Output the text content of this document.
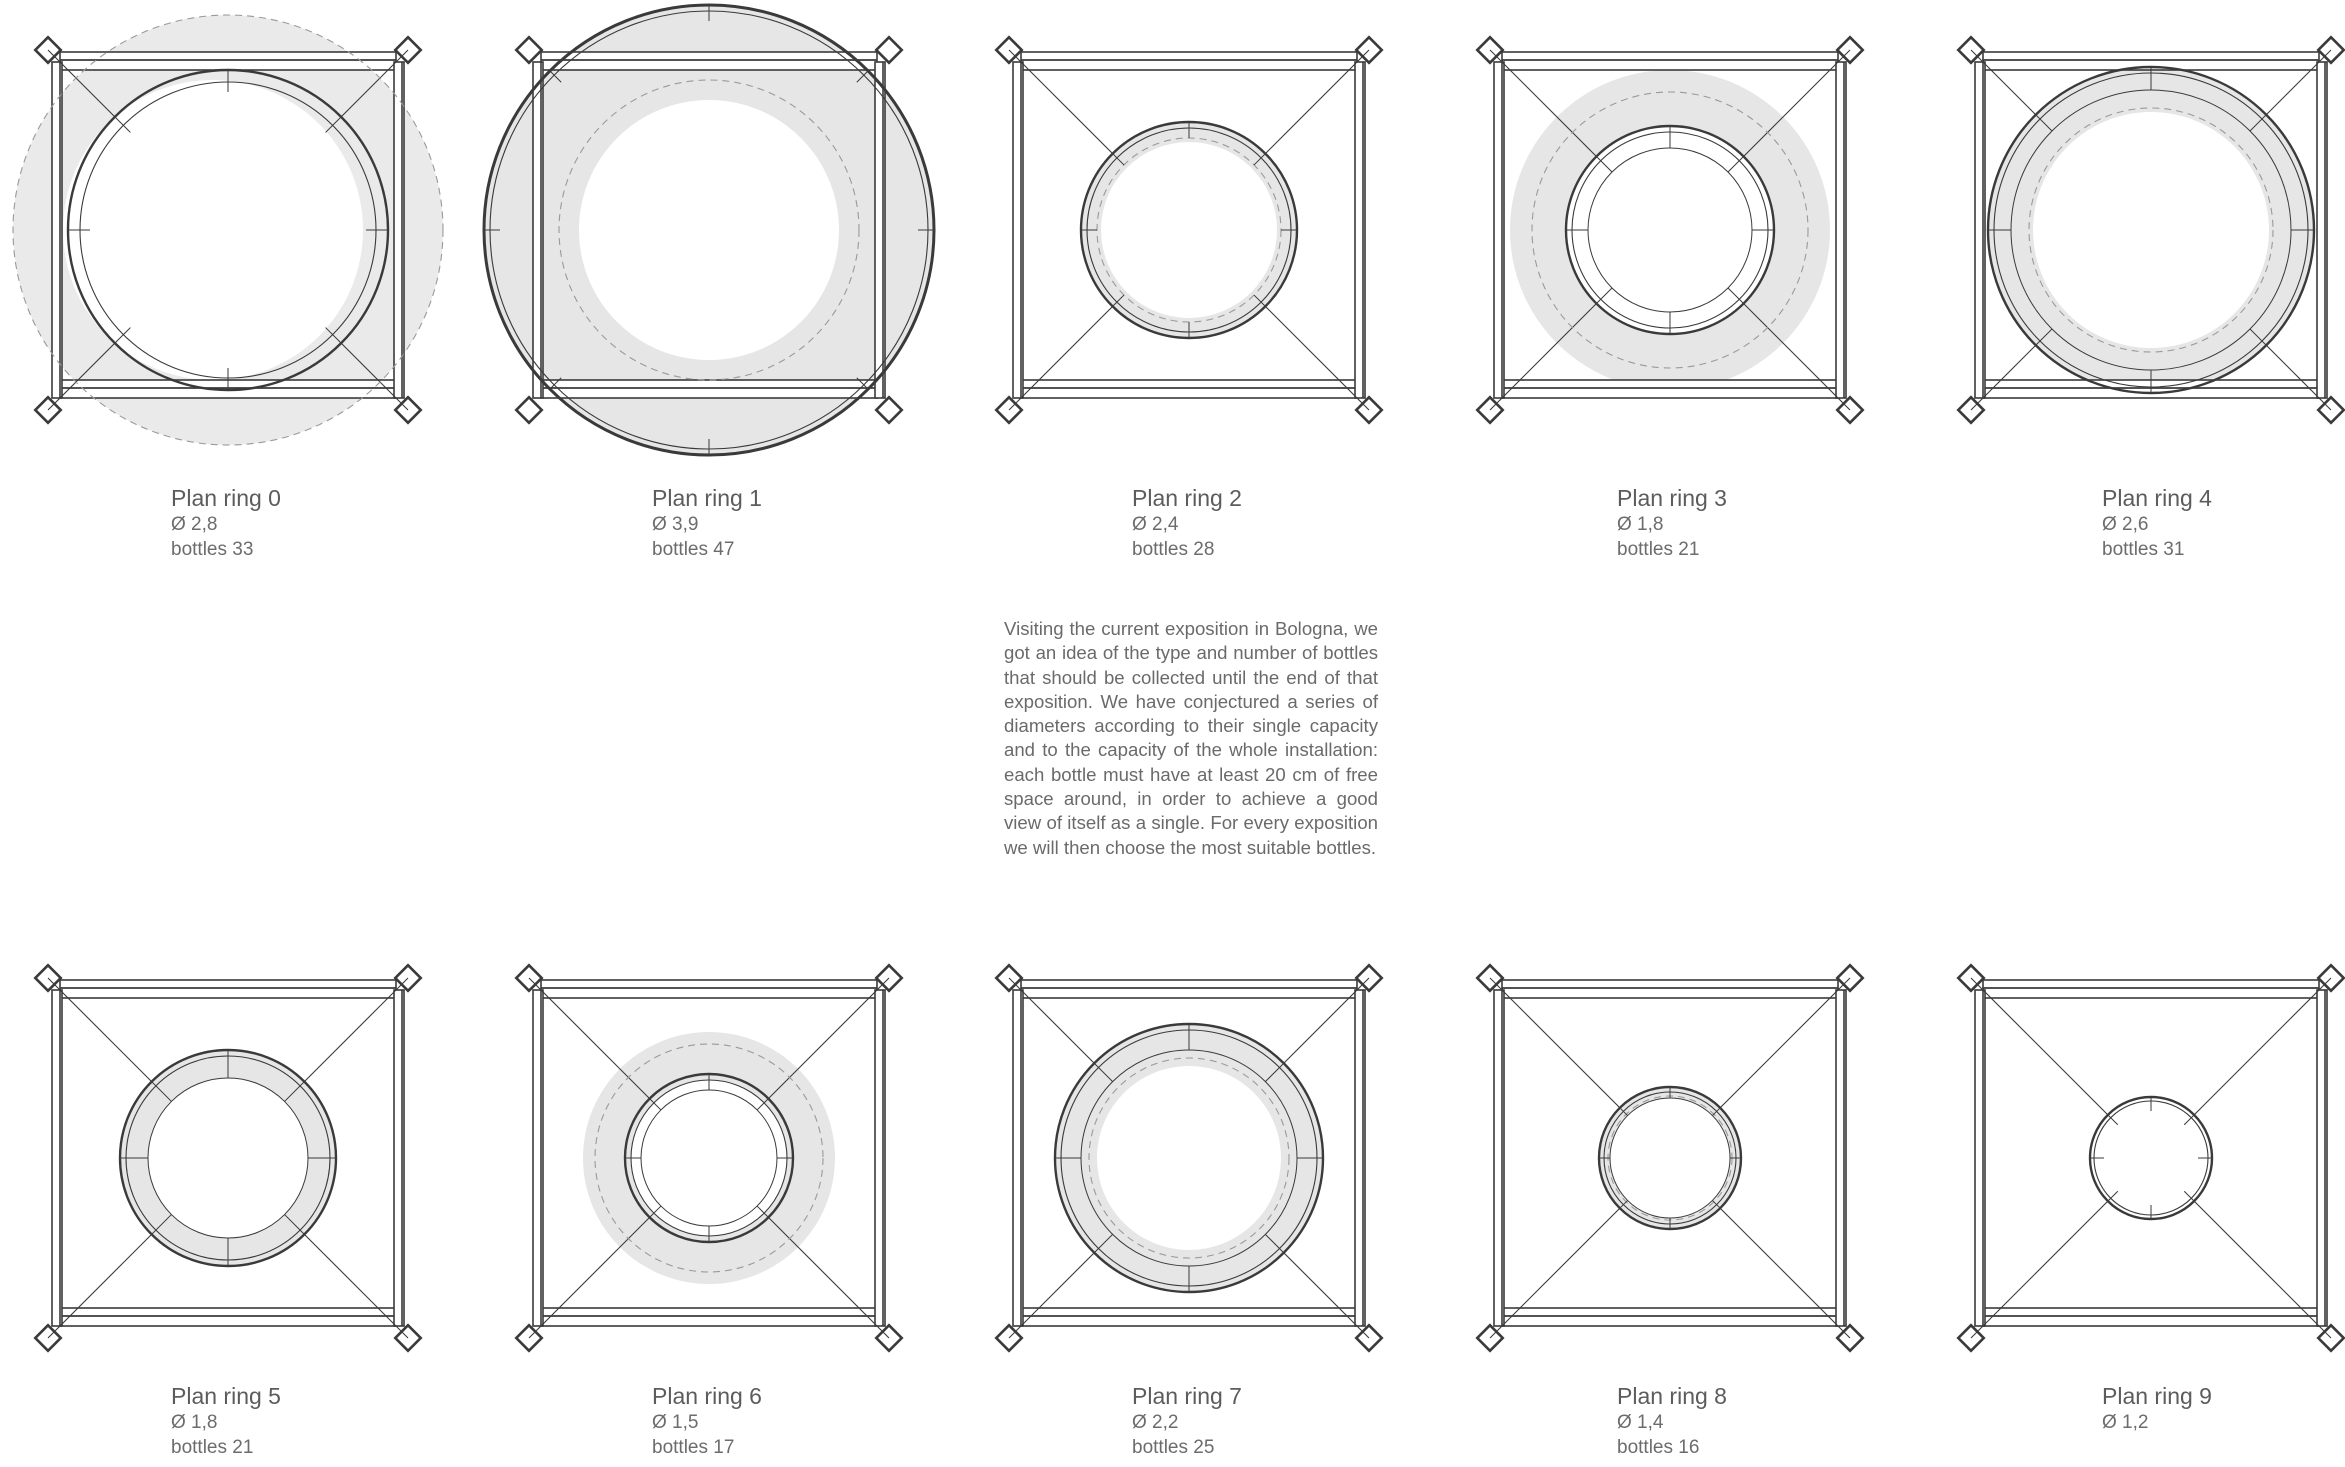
Plan ring 0
Ø 2,8
bottles 33
Plan ring 1
Ø 3,9
bottles 47
Plan ring 2
Ø 2,4
bottles 28
Plan ring 3
Ø 1,8
bottles 21
Plan ring 4
Ø 2,6
bottles 31
Visiting the current exposition in Bologna, we got an idea of the type and number of bottles that should be collected until the end of that exposition. We have conjectured a series of diameters according to their single capacity and to the capacity of the whole installation: each bottle must have at least 20 cm of free space around, in order to achieve a good view of itself as a single. For every exposition we will then choose the most suitable bottles.
Plan ring 5
Ø 1,8
bottles 21
Plan ring 6
Ø 1,5
bottles 17
Plan ring 7
Ø 2,2
bottles 25
Plan ring 8
Ø 1,4
bottles 16
Plan ring 9
Ø 1,2
